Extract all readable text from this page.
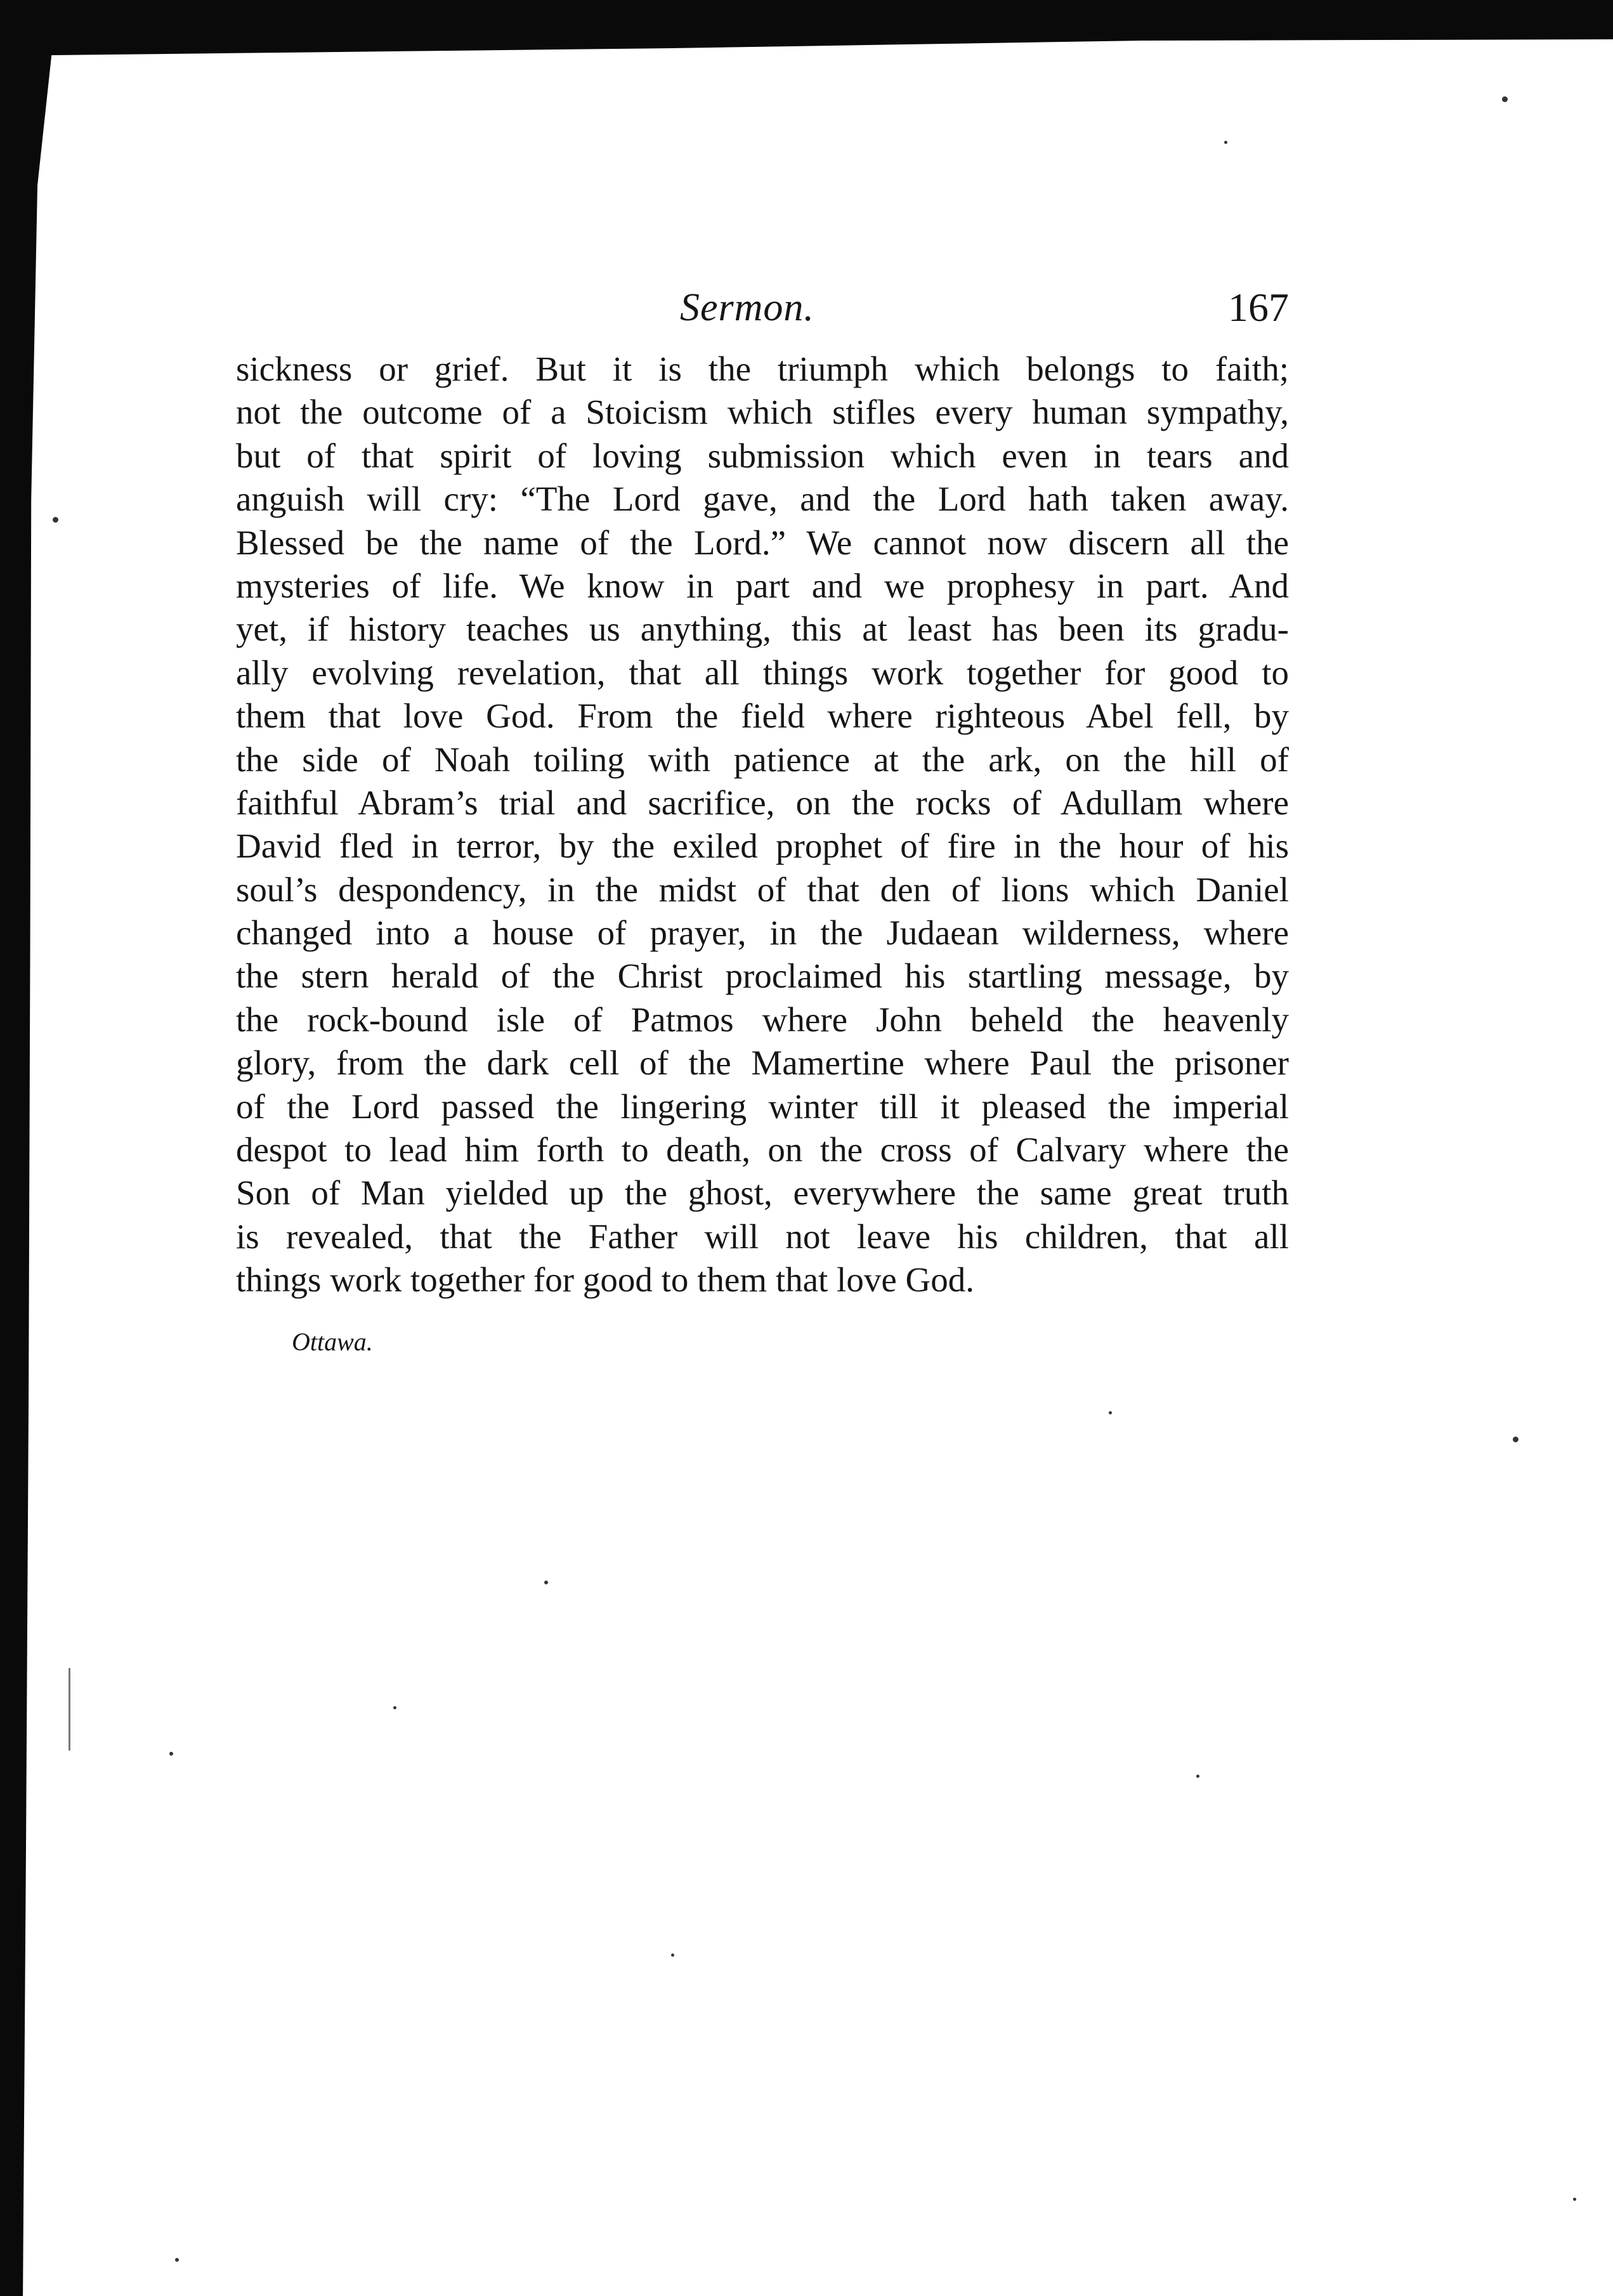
Sermon.	167
sickness or grief. But it is the triumph which belongs to faith;
not the outcome of a Stoicism which stifles every human sympathy,
but of that spirit of loving submission which even in tears and
anguish will cry: “The Lord gave, and the Lord hath taken away.
Blessed be the name of the Lord.” We cannot now discern all the
mysteries of life. We know in part and we prophesy in part. And
yet, if history teaches us anything, this at least has been its gradu-
ally evolving revelation, that all things work together for good to
them that love God. From the field where righteous Abel fell, by
the side of Noah toiling with patience at the ark, on the hill of
faithful Abram’s trial and sacrifice, on the rocks of Adullam where
David fled in terror, by the exiled prophet of fire in the hour of his
soul’s despondency, in the midst of that den of lions which Daniel
changed into a house of prayer, in the Judaean wilderness, where
the stern herald of the Christ proclaimed his startling message, by
the rock-bound isle of Patmos where John beheld the heavenly
glory, from the dark cell of the Mamertine where Paul the prisoner
of the Lord passed the lingering winter till it pleased the imperial
despot to lead him forth to death, on the cross of Calvary where the
Son of Man yielded up the ghost, everywhere the same great truth
is revealed, that the Father will not leave his children, that all
things work together for good to them that love God.
Ottawa.
